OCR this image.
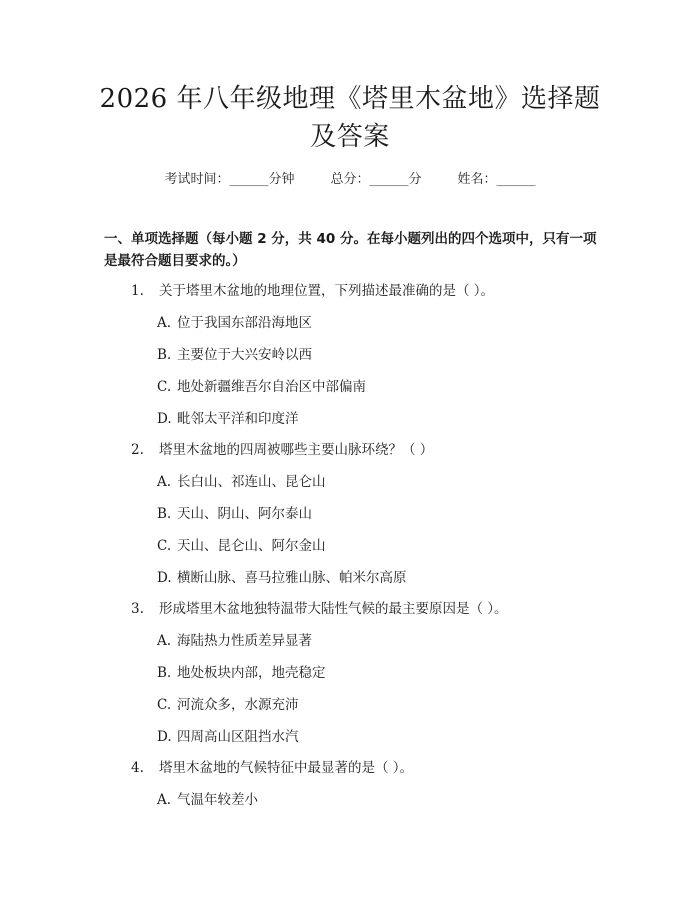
2026 年八年级地理《塔里木盆地》选择题及答案
考试时间：______分钟	总分：______分	姓名：______
一、单项选择题（每小题 2 分，共 40 分。在每小题列出的四个选项中，只有一项是最符合题目要求的。）
1. 关于塔里木盆地的地理位置，下列描述最准确的是（ ）。
A. 位于我国东部沿海地区
B. 主要位于大兴安岭以西
C. 地处新疆维吾尔自治区中部偏南
D. 毗邻太平洋和印度洋
2. 塔里木盆地的四周被哪些主要山脉环绕？（ ）
A. 长白山、祁连山、昆仑山
B. 天山、阴山、阿尔泰山
C. 天山、昆仑山、阿尔金山
D. 横断山脉、喜马拉雅山脉、帕米尔高原
3. 形成塔里木盆地独特温带大陆性气候的最主要原因是（ ）。
A. 海陆热力性质差异显著
B. 地处板块内部，地壳稳定
C. 河流众多，水源充沛
D. 四周高山区阻挡水汽
4. 塔里木盆地的气候特征中最显著的是（ ）。
A. 气温年较差小
